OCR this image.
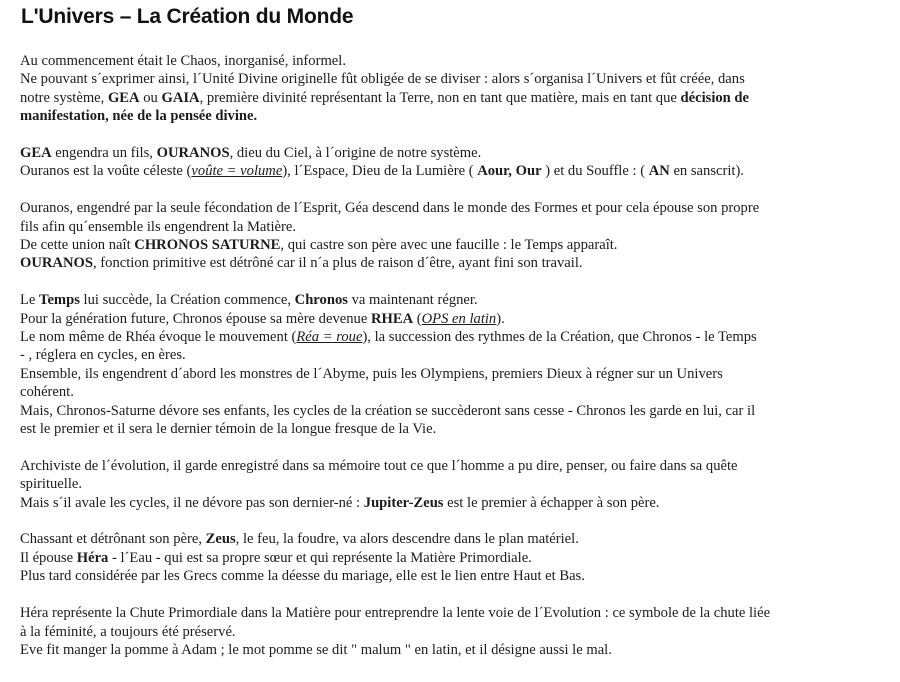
L'Univers – La Création du Monde

Au commencement était le Chaos, inorganisé, informel.
Ne pouvant s´exprimer ainsi, l´Unité Divine originelle fût obligée de se diviser : alors s´organisa l´Univers et fût créée, dans
notre système, GEA ou GAIA, première divinité représentant la Terre, non en tant que matière, mais en tant que décision de
manifestation, née de la pensée divine.

GEA engendra un fils, OURANOS, dieu du Ciel, à l´origine de notre système.
Ouranos est la voûte céleste (voûte = volume), l´Espace, Dieu de la Lumière ( Aour, Our ) et du Souffle : ( AN en sanscrit).

Ouranos, engendré par la seule fécondation de l´Esprit, Géa descend dans le monde des Formes et pour cela épouse son propre
fils afin qu´ensemble ils engendrent la Matière.
De cette union naît CHRONOS SATURNE, qui castre son père avec une faucille : le Temps apparaît.
OURANOS, fonction primitive est détrôné car il n´a plus de raison d´être, ayant fini son travail.

Le Temps lui succède, la Création commence, Chronos va maintenant régner.
Pour la génération future, Chronos épouse sa mère devenue RHEA (OPS en latin).
Le nom même de Rhéa évoque le mouvement (Réa = roue), la succession des rythmes de la Création, que Chronos - le Temps
- , réglera en cycles, en ères.
Ensemble, ils engendrent d´abord les monstres de l´Abyme, puis les Olympiens, premiers Dieux à régner sur un Univers
cohérent.
Mais, Chronos-Saturne dévore ses enfants, les cycles de la création se succèderont sans cesse - Chronos les garde en lui, car il
est le premier et il sera le dernier témoin de la longue fresque de la Vie.

Archiviste de l´évolution, il garde enregistré dans sa mémoire tout ce que l´homme a pu dire, penser, ou faire dans sa quête
spirituelle.
Mais s´il avale les cycles, il ne dévore pas son dernier-né : Jupiter-Zeus est le premier à échapper à son père.

Chassant et détrônant son père, Zeus, le feu, la foudre, va alors descendre dans le plan matériel.
Il épouse Héra - l´Eau - qui est sa propre sœur et qui représente la Matière Primordiale.
Plus tard considérée par les Grecs comme la déesse du mariage, elle est le lien entre Haut et Bas.

Héra représente la Chute Primordiale dans la Matière pour entreprendre la lente voie de l´Evolution : ce symbole de la chute liée
à la féminité, a toujours été préservé.
Eve fit manger la pomme à Adam ; le mot pomme se dit " malum " en latin, et il désigne aussi le mal.
